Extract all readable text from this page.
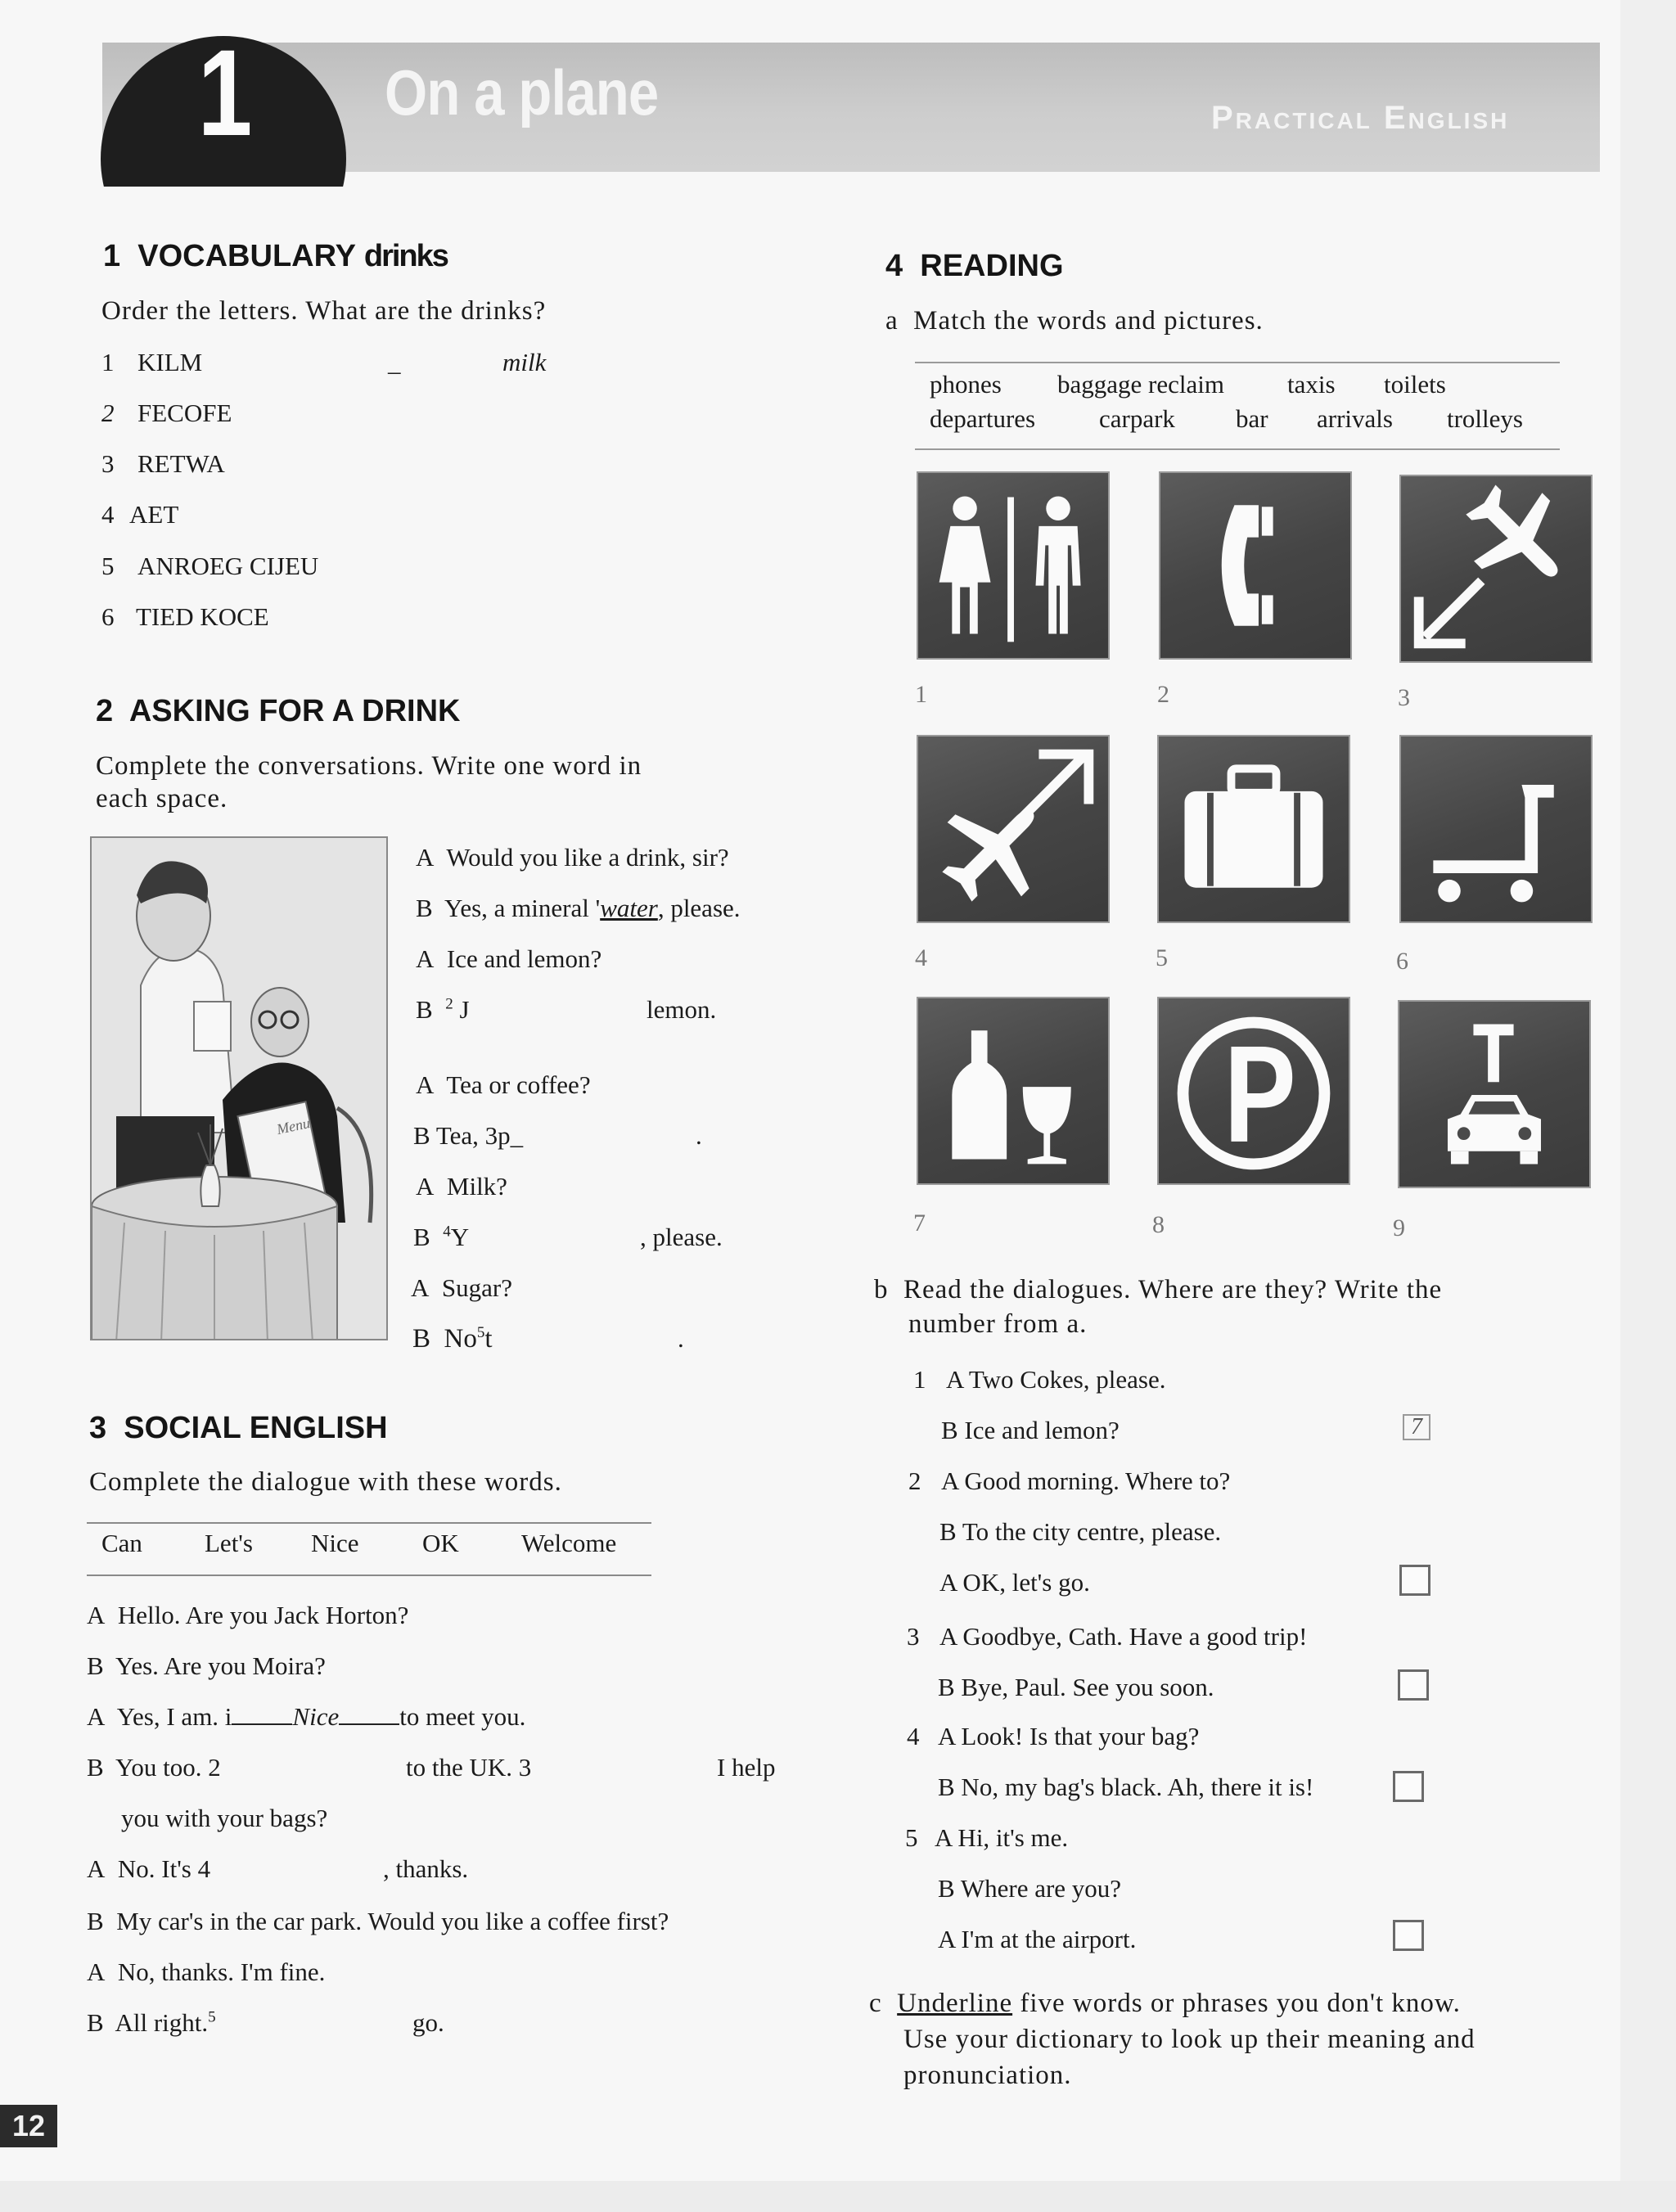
1 On a plane	Practical English
1 VOCABULARY drinks
Order the letters. What are the drinks?
1 KILM	_	milk
2 FECOFE
3 RETWA
4 AET
5 ANROEG CIJEU
6 TIED KOCE
2 ASKING FOR A DRINK
Complete the conversations. Write one word in
each space.
Menu
A Would you like a drink, sir?
B Yes, a mineral 'water, please.
A Ice and lemon?
B $^2$ J	lemon.
A Tea or coffee?
B Tea, 3p_	.
A Milk?
B $^4$Y	, please.
A Sugar?
B No$^5$t	.
3 SOCIAL ENGLISH
Complete the dialogue with these words.
Can Let's Nice OK Welcome
A Hello. Are you Jack Horton?
B Yes. Are you Moira?
A Yes, I am. i Nice to meet you.
B You too. 2	to the UK. 3	I help
you with your bags?
A No. It's 4	, thanks.
B My car's in the car park. Would you like a coffee first?
A No, thanks. I'm fine.
B All right.$^5$	go.
4 READING
a Match the words and pictures.
phones baggage reclaim taxis toilets
departures	carpark bar arrivals trolleys
1	2	3
4	5	6
7	8	9
b Read the dialogues. Where are they? Write the
number from a.
1 A Two Cokes, please.
B Ice and lemon?	7
2 A Good morning. Where to?
B To the city centre, please.
A OK, let's go.
3 A Goodbye, Cath. Have a good trip!
B Bye, Paul. See you soon.
4 A Look! Is that your bag?
B No, my bag's black. Ah, there it is!
5 A Hi, it's me.
B Where are you?
A I'm at the airport.
c Underline five words or phrases you don't know.
Use your dictionary to look up their meaning and
pronunciation.
12
